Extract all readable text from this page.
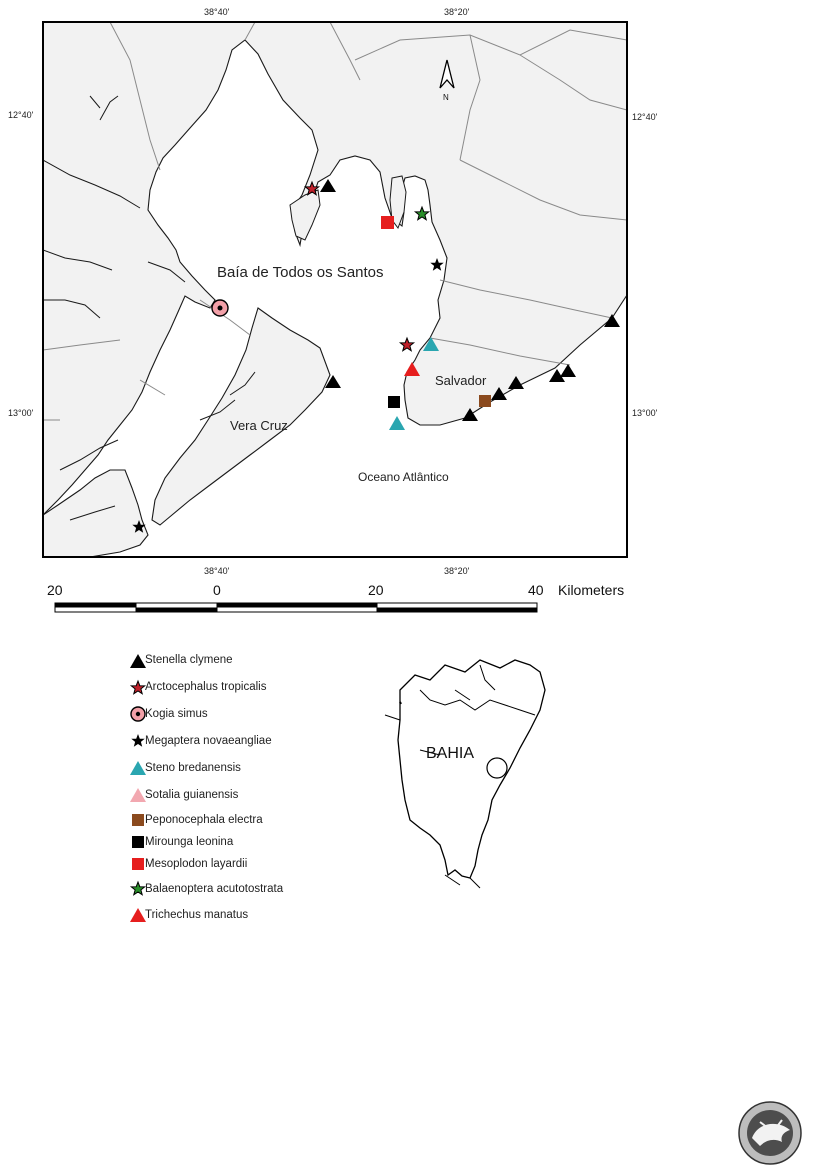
38°40'	38°20'
38°40'	38°20'
12°40'
13°00'
12°40'
13°00'
N
Baía de Todos os Santos
Salvador
Vera Cruz
Oceano Atlântico
20	0	20	40 Kilometers
Stenella clymene
Arctocephalus tropicalis
Kogia simus
Megaptera novaeangliae
Steno bredanensis
Sotalia guianensis
Peponocephala electra
Mirounga leonina
Mesoplodon layardii
Balaenoptera acutotostrata
Trichechus manatus
BAHIA
